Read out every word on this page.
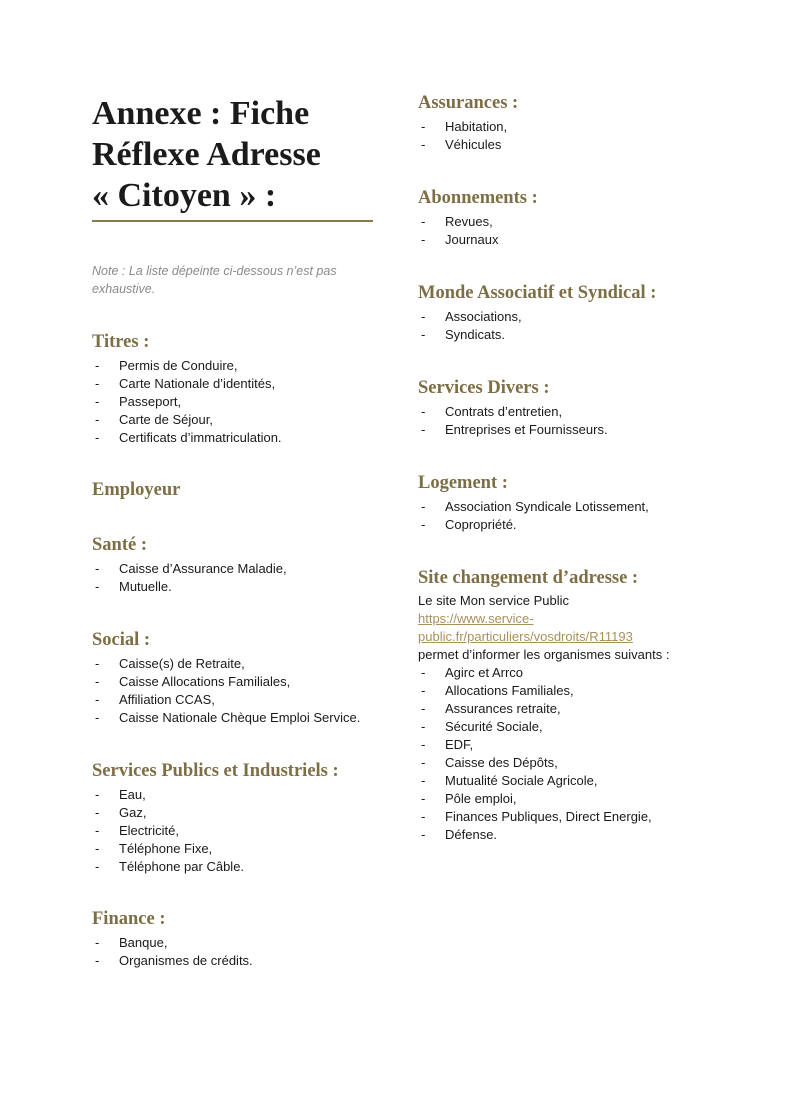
Annexe : Fiche
Réflexe Adresse
« Citoyen » :

Note : La liste dépeinte ci-dessous n’est pas exhaustive.

Titres :
- Permis de Conduire,
- Carte Nationale d’identités,
- Passeport,
- Carte de Séjour,
- Certificats d’immatriculation.
Employeur
Santé :
- Caisse d’Assurance Maladie,
- Mutuelle.
Social :
- Caisse(s) de Retraite,
- Caisse Allocations Familiales,
- Affiliation CCAS,
- Caisse Nationale Chèque Emploi Service.
Services Publics et Industriels :
- Eau,
- Gaz,
- Electricité,
- Téléphone Fixe,
- Téléphone par Câble.
Finance :
- Banque,
- Organismes de crédits.
Assurances :
- Habitation,
- Véhicules
Abonnements :
- Revues,
- Journaux
Monde Associatif et Syndical :
- Associations,
- Syndicats.
Services Divers :
- Contrats d’entretien,
- Entreprises et Fournisseurs.
Logement :
- Association Syndicale Lotissement,
- Copropriété.
Site changement d’adresse :

Le site Mon service Public

https://www.service-
public.fr/particuliers/vosdroits/R11193

permet d’informer les organismes suivants :

- Agirc et Arrco
- Allocations Familiales,
- Assurances retraite,
- Sécurité Sociale,
- EDF,
- Caisse des Dépôts,
- Mutualité Sociale Agricole,
- Pôle emploi,
- Finances Publiques, Direct Energie,
- Défense.
